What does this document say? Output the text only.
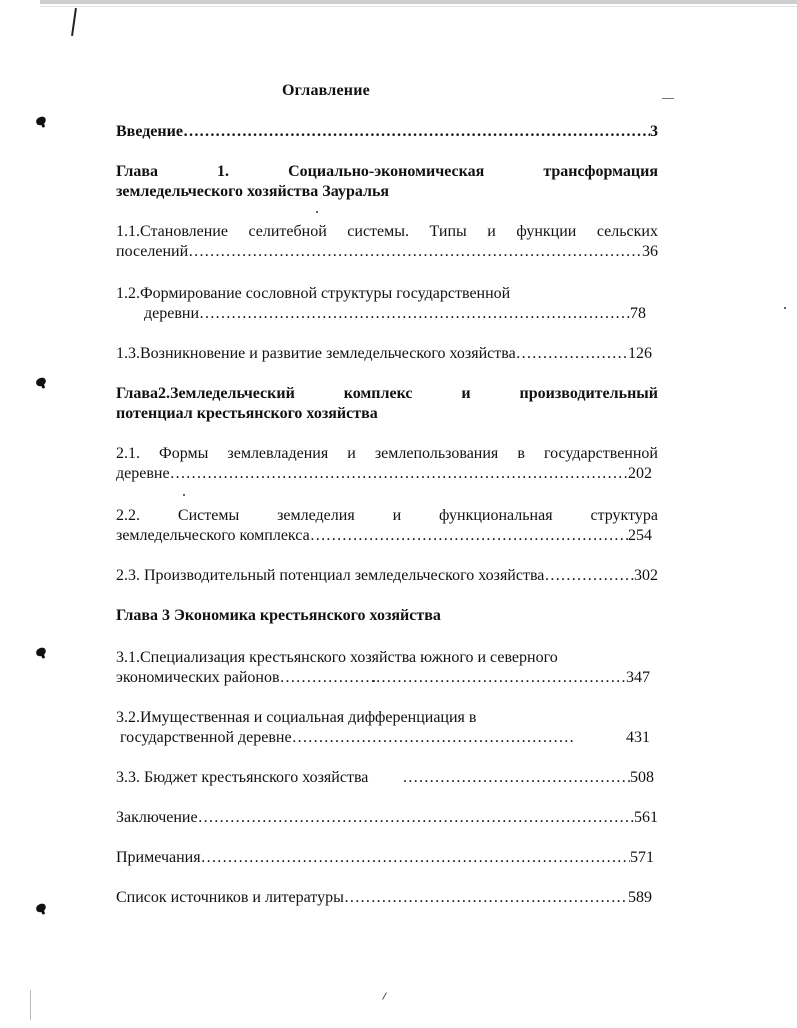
Оглавление
Введение ……………………………………………………………………………………………………………………………………………	3
Глава 1. Социально-экономическая трансформация
земледельческого хозяйства Зауралья
1.1.Становление селитебной системы. Типы и функции сельских
поселений ……………………………………………………………………………………………………………………………………………	36
1.2.Формирование сословной структуры государственной
деревни ……………………………………………………………………………………………………………………………………………	78
1.3.Возникновение и развитие земледельческого хозяйства ……………………………………………………………………………………………………………………………………………	126
Глава2.Земледельческий комплекс и производительный
потенциал крестьянского хозяйства
2.1. Формы землевладения и землепользования в государственной
деревне ……………………………………………………………………………………………………………………………………………	202
2.2. Системы земледелия и функциональная структура
земледельческого комплекса ……………………………………………………………………………………………………………………………………………	254
2.3. Производительный потенциал земледельческого хозяйства ……………………………………………………………………………………………………………………………………………	302
Глава 3 Экономика крестьянского хозяйства
3.1.Специализация крестьянского хозяйства южного и северного
экономических районов ……………………………………………………………………………………………………………………………………………	347
3.2.Имущественная и социальная дифференциация в
государственной деревне ……………………………………………………………………………………………………………………………………………	431
3.3. Бюджет крестьянского хозяйства ……………………………………………………………………………………………………………………………………………	508
Заключение ……………………………………………………………………………………………………………………………………………	561
Примечания ……………………………………………………………………………………………………………………………………………	571
Список источников и литературы ……………………………………………………………………………………………………………………………………………	589
